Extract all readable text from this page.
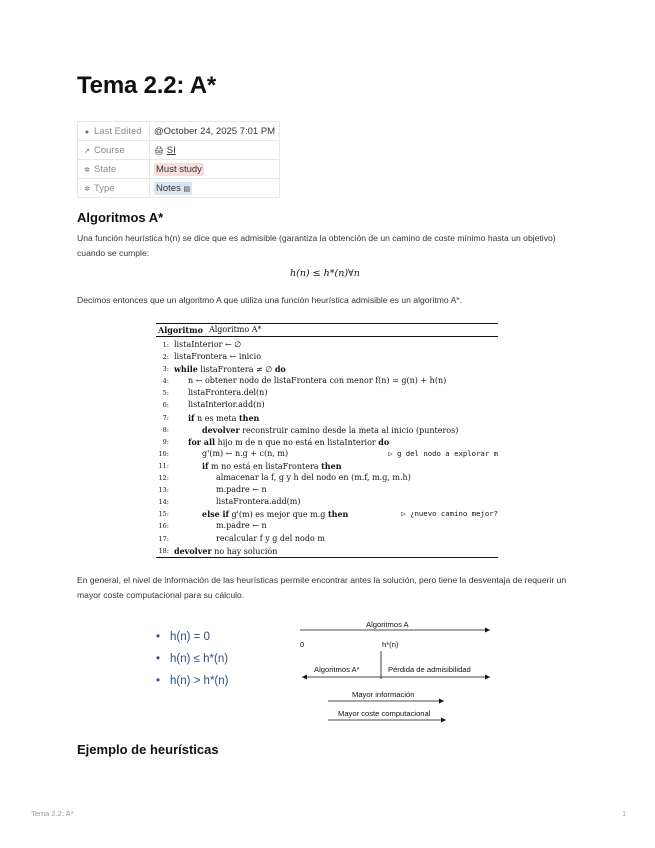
Tema 2.2: A*
● Last Edited	@October 24, 2025 7:01 PM
↗ Course	🖨 SI
✲ State	Must study
✲ Type	Notes ▤
Algoritmos A*

Una función heurística h(n) se dice que es admisible (garantiza la obtención de un camino de coste mínimo hasta un objetivo) cuando se cumple:

h(n) ≤ h*(n)∀n

Decimos entonces que un algoritmo A que utiliza una función heurística admisible es un algoritmo A*.

Algoritmo Algoritmo A*
1: listaInterior ← ∅
2: listaFrontera ← inicio
3: while listaFrontera ≠ ∅ do
4: n ← obtener nodo de listaFrontera con menor f(n) = g(n) + h(n)
5: listaFrontera.del(n)
6: listaInterior.add(n)
7: if n es meta then
8:	devolver reconstruir camino desde la meta al inicio (punteros)
9: for all hijo m de n que no está en listaInterior do
10:	g'(m) ← n.g + c(n, m)	▷ g del nodo a explorar m
11:	if m no está en listaFrontera then
12:	almacenar la f, g y h del nodo en (m.f, m.g, m.h)
13:	m.padre ← n
14:	listaFrontera.add(m)
15:	else if g'(m) es mejor que m.g then	▷ ¿nuevo camino mejor?
16:	m.padre ← n
17:	recalcular f y g del nodo m
18: devolver no hay solución

En general, el nivel de información de las heurísticas permite encontrar antes la solución, pero tiene la desventaja de requerir un mayor coste computacional para su cálculo.

• h(n) = 0
• h(n) ≤ h*(n)
• h(n) > h*(n)
Algoritmos A
0	h*(n)
Algoritmos A*	Pérdida de admisibilidad
Mayor información
Mayor coste computacional
Ejemplo de heurísticas
Tema 2.2: A*	1
